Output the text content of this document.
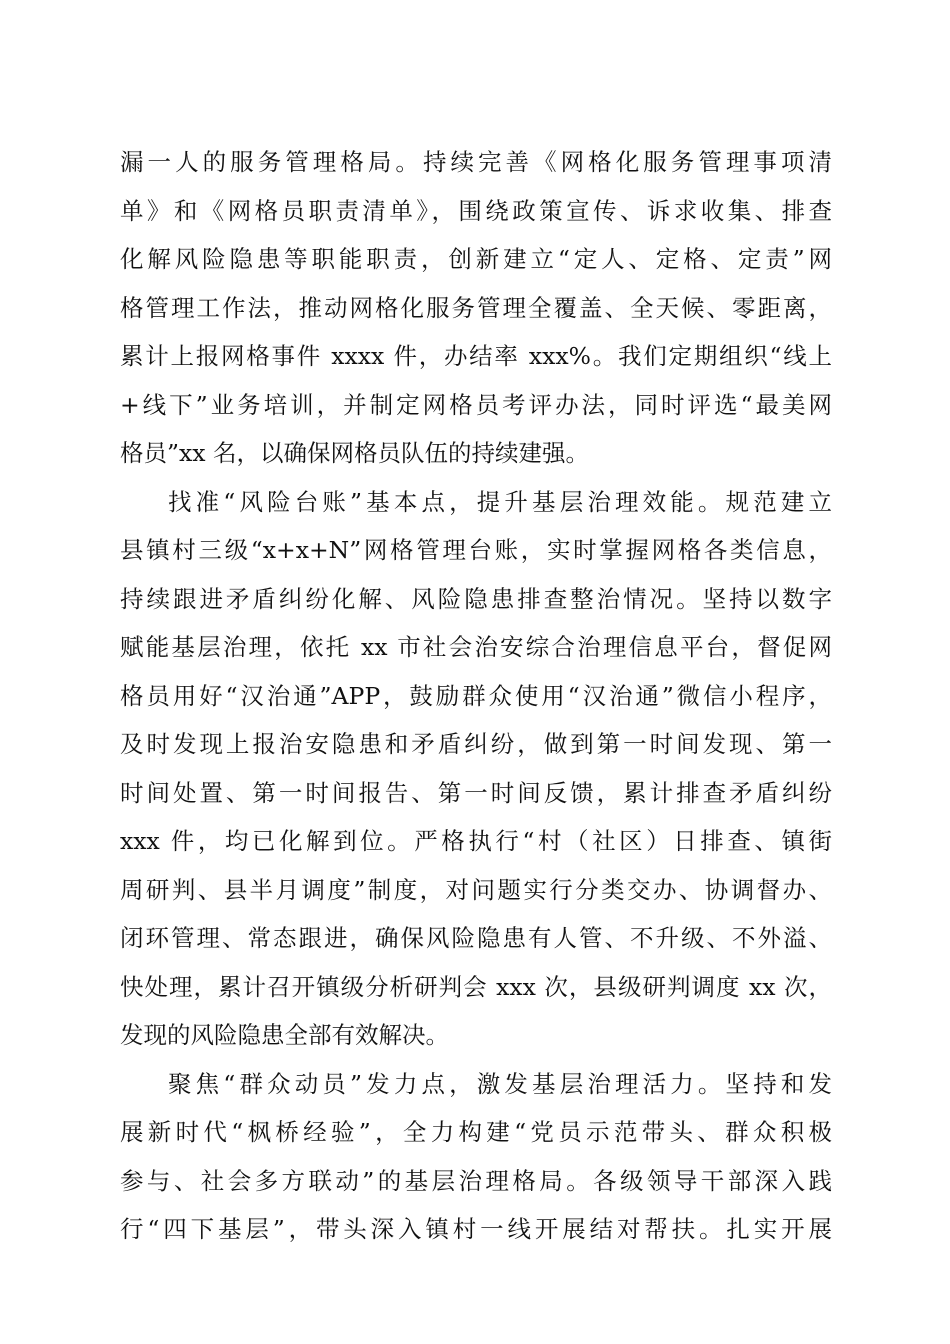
漏一人的服务管理格局。持续完善《网格化服务管理事项清
单》和《网格员职责清单》，围绕政策宣传、诉求收集、排查
化解风险隐患等职能职责，创新建立“定人、定格、定责”网
格管理工作法，推动网格化服务管理全覆盖、全天候、零距离，
累计上报网格事件 xxxx 件，办结率 xxx%。我们定期组织“线上
+线下”业务培训，并制定网格员考评办法，同时评选“最美网
格员”xx 名，以确保网格员队伍的持续建强。
找准“风险台账”基本点，提升基层治理效能。规范建立
县镇村三级“x+x+N”网格管理台账，实时掌握网格各类信息，
持续跟进矛盾纠纷化解、风险隐患排查整治情况。坚持以数字
赋能基层治理，依托 xx 市社会治安综合治理信息平台，督促网
格员用好“汉治通”APP，鼓励群众使用“汉治通”微信小程序，
及时发现上报治安隐患和矛盾纠纷，做到第一时间发现、第一
时间处置、第一时间报告、第一时间反馈，累计排查矛盾纠纷
xxx 件，均已化解到位。严格执行“村（社区）日排查、镇街
周研判、县半月调度”制度，对问题实行分类交办、协调督办、
闭环管理、常态跟进，确保风险隐患有人管、不升级、不外溢、
快处理，累计召开镇级分析研判会 xxx 次，县级研判调度 xx 次，
发现的风险隐患全部有效解决。
聚焦“群众动员”发力点，激发基层治理活力。坚持和发
展新时代“枫桥经验”，全力构建“党员示范带头、群众积极
参与、社会多方联动”的基层治理格局。各级领导干部深入践
行“四下基层”，带头深入镇村一线开展结对帮扶。扎实开展
